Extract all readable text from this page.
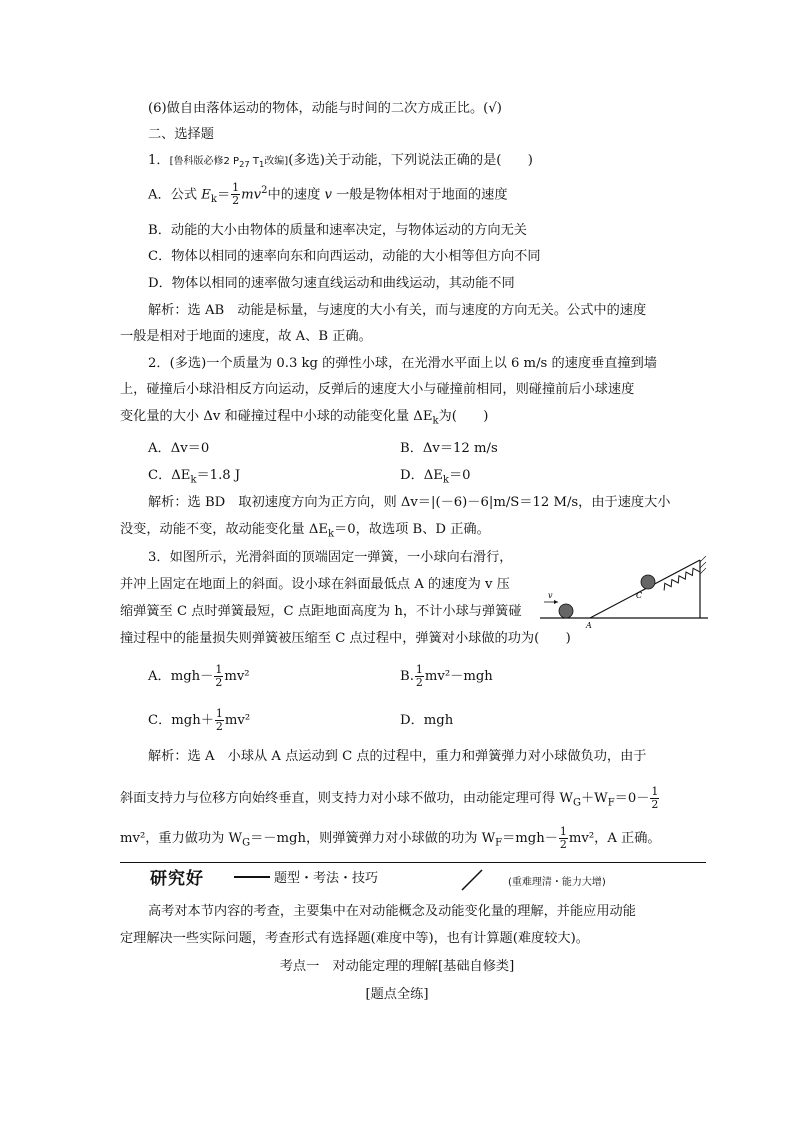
(6)做自由落体运动的物体，动能与时间的二次方成正比。(√)
二、选择题
1．[鲁科版必修2 $P_{27}$ $T_1$改编](多选)关于动能，下列说法正确的是(　　)
A．公式 $E_k= \frac{1}{2} mv^2$中的速度 v 一般是物体相对于地面的速度
B．动能的大小由物体的质量和速率决定，与物体运动的方向无关
C．物体以相同的速率向东和向西运动，动能的大小相等但方向不同
D．物体以相同的速率做匀速直线运动和曲线运动，其动能不同
解析：选 AB　动能是标量，与速度的大小有关，而与速度的方向无关。公式中的速度
一般是相对于地面的速度，故 A、B 正确。
2．(多选)一个质量为 0.3 kg 的弹性小球，在光滑水平面上以 6 m/s 的速度垂直撞到墙
上，碰撞后小球沿相反方向运动，反弹后的速度大小与碰撞前相同，则碰撞前后小球速度
变化量的大小 Δv 和碰撞过程中小球的动能变化量 $\Delta E_k$为(　　)
A．Δv＝0	B．Δv＝12 m/s
C．$\Delta E_k=1.8$ J	D．$\Delta E_k=0$
解析：选 BD　取初速度方向为正方向，则 Δv＝|(－6)－6|m/S＝12 M/s，由于速度大小
没变，动能不变，故动能变化量 $\Delta E_k=0$，故选项 B、D 正确。
3．如图所示，光滑斜面的顶端固定一弹簧，一小球向右滑行，
并冲上固定在地面上的斜面。设小球在斜面最低点 A 的速度为 v 压
缩弹簧至 C 点时弹簧最短，C 点距地面高度为 h，不计小球与弹簧碰
撞过程中的能量损失则弹簧被压缩至 C 点过程中，弹簧对小球做的功为(　　)
v
A
C
A．$mgh- \frac{1}{2} mv^2$	B. $\frac{1}{2} mv^2-mgh$
C．$mgh+ \frac{1}{2} mv^2$	D．mgh
解析：选 A　小球从 A 点运动到 C 点的过程中，重力和弹簧弹力对小球做负功，由于
斜面支持力与位移方向始终垂直，则支持力对小球不做功，由动能定理可得 $W_G+W_F=0- \frac{1}{2}$
mv²，重力做功为 $W_G=-mgh$，则弹簧弹力对小球做的功为 $W_F=mgh- \frac{1}{2} mv^2$，A 正确。
研究好	题型・考法・技巧	(重难理清・能力大增)
高考对本节内容的考查，主要集中在对动能概念及动能变化量的理解，并能应用动能
定理解决一些实际问题，考查形式有选择题(难度中等)，也有计算题(难度较大)。
考点一　对动能定理的理解[基础自修类]
[题点全练]
